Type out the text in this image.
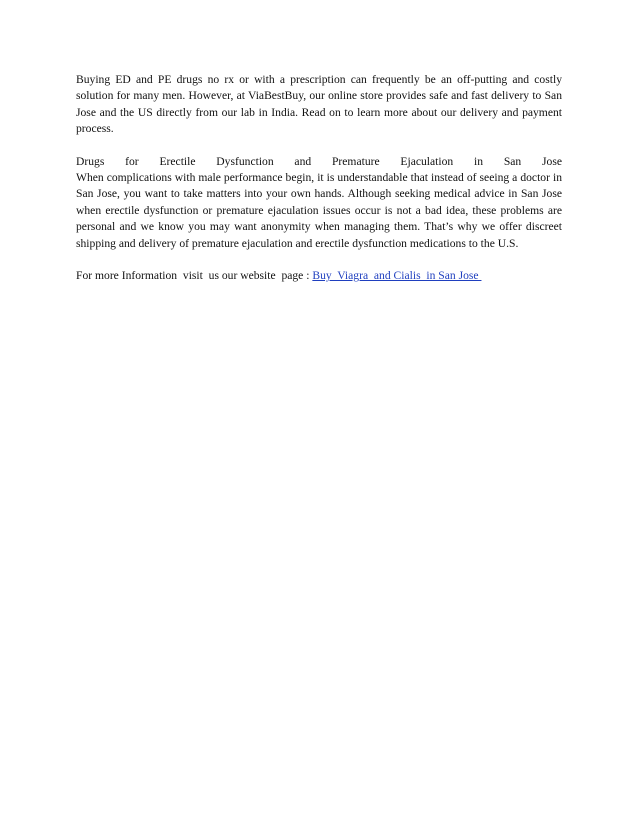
Buying ED and PE drugs no rx or with a prescription can frequently be an off-putting and costly solution for many men. However, at ViaBestBuy, our online store provides safe and fast delivery to San Jose and the US directly from our lab in India. Read on to learn more about our delivery and payment process.

Drugs for Erectile Dysfunction and Premature Ejaculation in San Jose

When complications with male performance begin, it is understandable that instead of seeing a doctor in San Jose, you want to take matters into your own hands. Although seeking medical advice in San Jose when erectile dysfunction or premature ejaculation issues occur is not a bad idea, these problems are personal and we know you may want anonymity when managing them. That’s why we offer discreet shipping and delivery of premature ejaculation and erectile dysfunction medications to the U.S.

For more Information  visit  us our website  page : Buy  Viagra  and Cialis  in San Jose
